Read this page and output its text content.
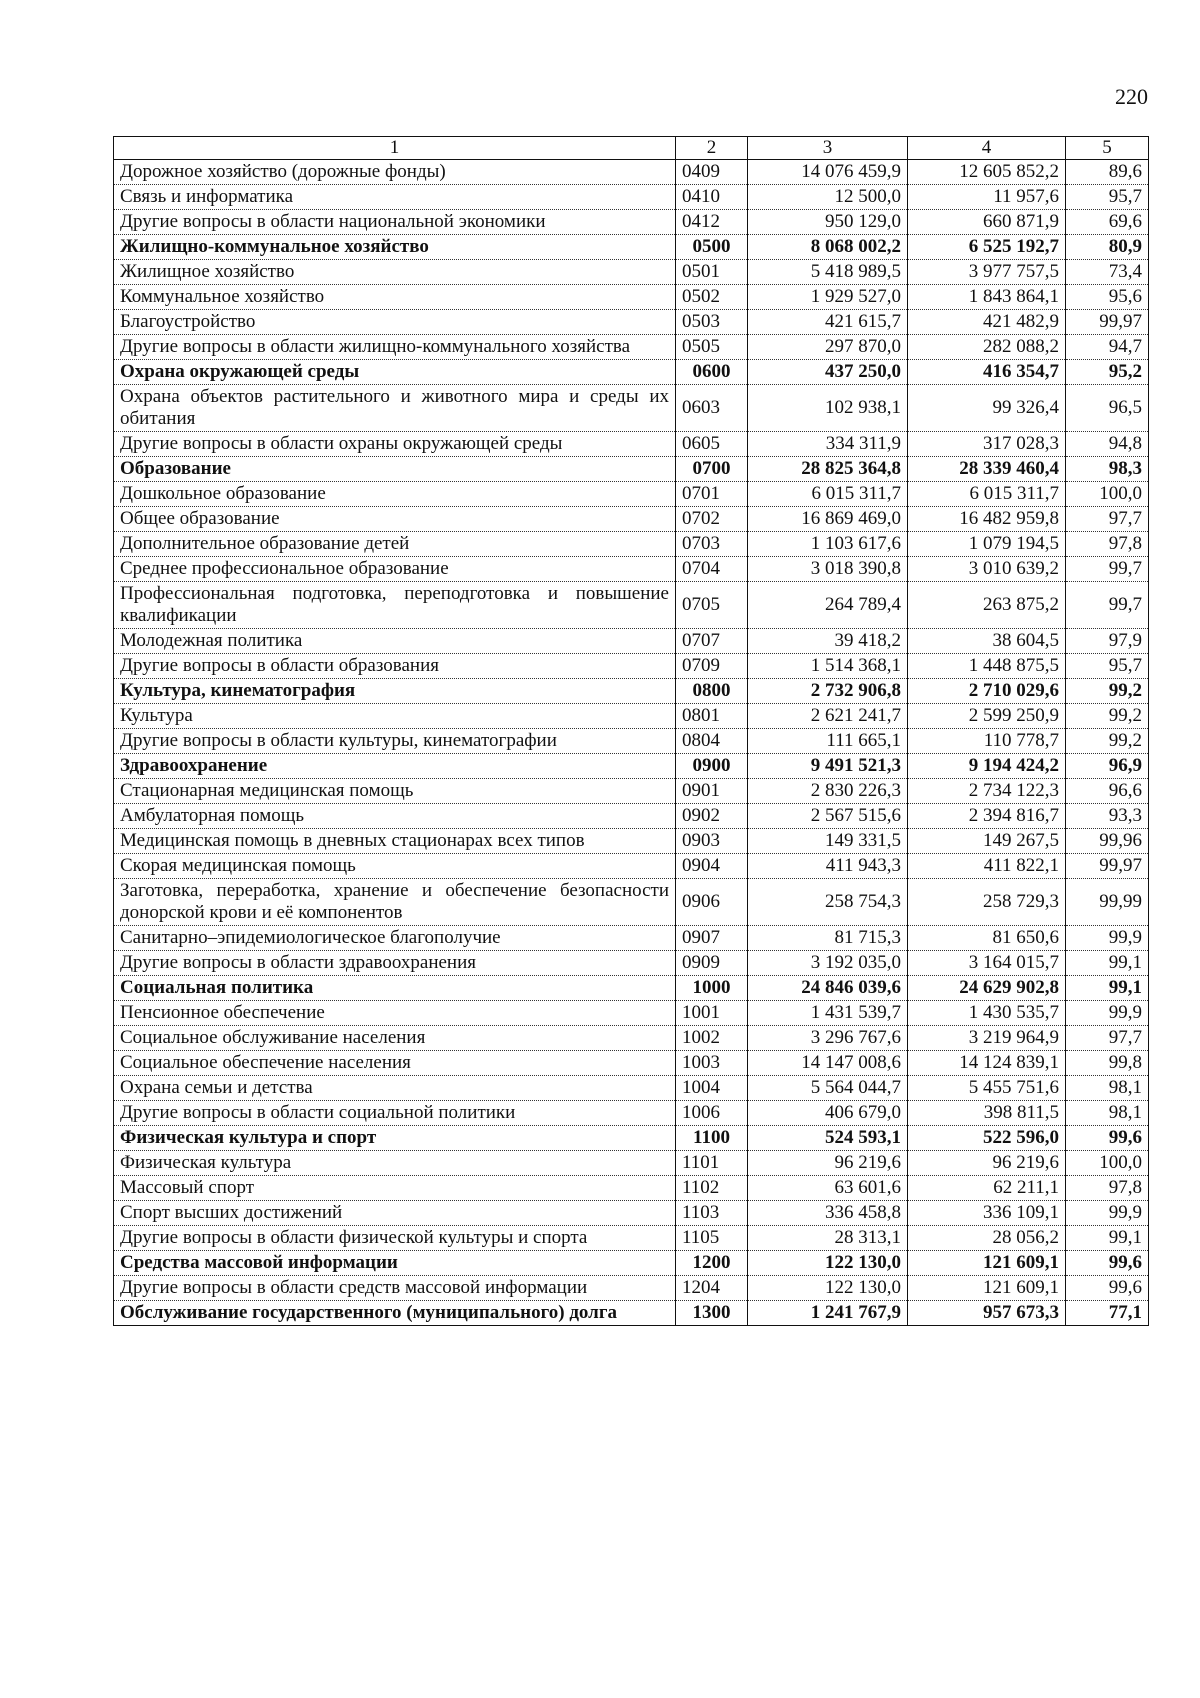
220
1	2	3	4	5
Дорожное хозяйство (дорожные фонды)	0409	14 076 459,9	12 605 852,2	89,6
Связь и информатика	0410	12 500,0	11 957,6	95,7
Другие вопросы в области национальной экономики	0412	950 129,0	660 871,9	69,6
Жилищно-коммунальное хозяйство	0500	8 068 002,2	6 525 192,7	80,9
Жилищное хозяйство	0501	5 418 989,5	3 977 757,5	73,4
Коммунальное хозяйство	0502	1 929 527,0	1 843 864,1	95,6
Благоустройство	0503	421 615,7	421 482,9	99,97
Другие вопросы в области жилищно-коммунального хозяйства	0505	297 870,0	282 088,2	94,7
Охрана окружающей среды	0600	437 250,0	416 354,7	95,2
Охрана объектов растительного и животного мира и среды их обитания	0603	102 938,1	99 326,4	96,5
Другие вопросы в области охраны окружающей среды	0605	334 311,9	317 028,3	94,8
Образование	0700	28 825 364,8	28 339 460,4	98,3
Дошкольное образование	0701	6 015 311,7	6 015 311,7	100,0
Общее образование	0702	16 869 469,0	16 482 959,8	97,7
Дополнительное образование детей	0703	1 103 617,6	1 079 194,5	97,8
Среднее профессиональное образование	0704	3 018 390,8	3 010 639,2	99,7
Профессиональная подготовка, переподготовка и повышение квалификации	0705	264 789,4	263 875,2	99,7
Молодежная политика	0707	39 418,2	38 604,5	97,9
Другие вопросы в области образования	0709	1 514 368,1	1 448 875,5	95,7
Культура, кинематография	0800	2 732 906,8	2 710 029,6	99,2
Культура	0801	2 621 241,7	2 599 250,9	99,2
Другие вопросы в области культуры, кинематографии	0804	111 665,1	110 778,7	99,2
Здравоохранение	0900	9 491 521,3	9 194 424,2	96,9
Стационарная медицинская помощь	0901	2 830 226,3	2 734 122,3	96,6
Амбулаторная помощь	0902	2 567 515,6	2 394 816,7	93,3
Медицинская помощь в дневных стационарах всех типов	0903	149 331,5	149 267,5	99,96
Скорая медицинская помощь	0904	411 943,3	411 822,1	99,97
Заготовка, переработка, хранение и обеспечение безопасности донорской крови и её компонентов	0906	258 754,3	258 729,3	99,99
Санитарно–эпидемиологическое благополучие	0907	81 715,3	81 650,6	99,9
Другие вопросы в области здравоохранения	0909	3 192 035,0	3 164 015,7	99,1
Социальная политика	1000	24 846 039,6	24 629 902,8	99,1
Пенсионное обеспечение	1001	1 431 539,7	1 430 535,7	99,9
Социальное обслуживание населения	1002	3 296 767,6	3 219 964,9	97,7
Социальное обеспечение населения	1003	14 147 008,6	14 124 839,1	99,8
Охрана семьи и детства	1004	5 564 044,7	5 455 751,6	98,1
Другие вопросы в области социальной политики	1006	406 679,0	398 811,5	98,1
Физическая культура и спорт	1100	524 593,1	522 596,0	99,6
Физическая культура	1101	96 219,6	96 219,6	100,0
Массовый спорт	1102	63 601,6	62 211,1	97,8
Спорт высших достижений	1103	336 458,8	336 109,1	99,9
Другие вопросы в области физической культуры и спорта	1105	28 313,1	28 056,2	99,1
Средства массовой информации	1200	122 130,0	121 609,1	99,6
Другие вопросы в области средств массовой информации	1204	122 130,0	121 609,1	99,6
Обслуживание государственного (муниципального) долга	1300	1 241 767,9	957 673,3	77,1
